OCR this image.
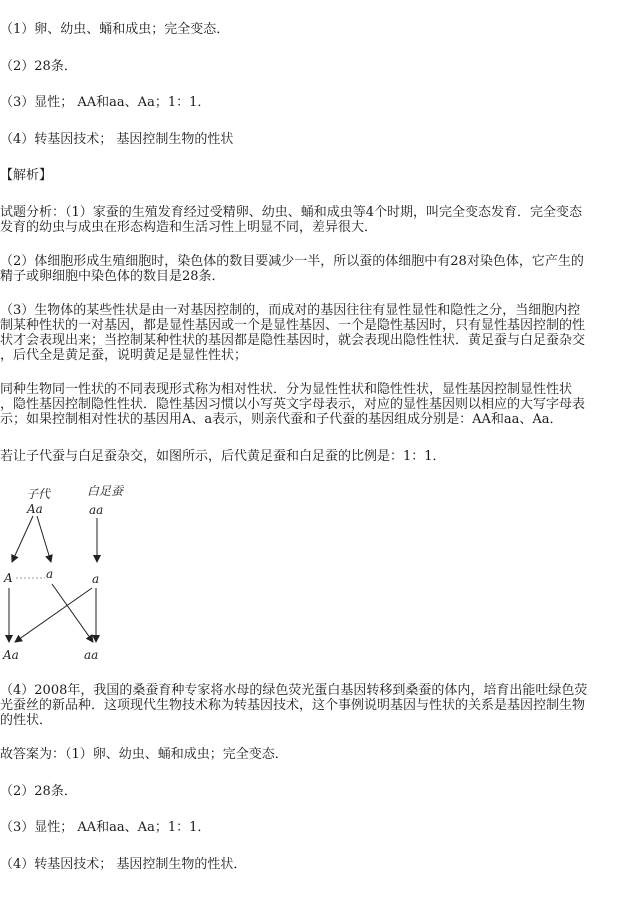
（1）卵、幼虫、蛹和成虫；完全变态．
（2）28条．
（3）显性； AA和aa、Aa；1：1．
（4）转基因技术； 基因控制生物的性状
【解析】
试题分析：（1）家蚕的生殖发育经过受精卵、幼虫、蛹和成虫等4个时期，叫完全变态发育．完全变态
发育的幼虫与成虫在形态构造和生活习性上明显不同，差异很大．
（2）体细胞形成生殖细胞时，染色体的数目要减少一半，所以蚕的体细胞中有28对染色体，它产生的
精子或卵细胞中染色体的数目是28条．
（3）生物体的某些性状是由一对基因控制的，而成对的基因往往有显性显性和隐性之分，当细胞内控
制某种性状的一对基因，都是显性基因或一个是显性基因、一个是隐性基因时，只有显性基因控制的性
状才会表现出来；当控制某种性状的基因都是隐性基因时，就会表现出隐性性状．黄足蚕与白足蚕杂交
，后代全是黄足蚕，说明黄足是显性性状；
同种生物同一性状的不同表现形式称为相对性状．分为显性性状和隐性性状，显性基因控制显性性状
，隐性基因控制隐性性状．隐性基因习惯以小写英文字母表示，对应的显性基因则以相应的大写字母表
示；如果控制相对性状的基因用A、a表示，则亲代蚕和子代蚕的基因组成分别是：AA和aa、Aa．
若让子代蚕与白足蚕杂交，如图所示，后代黄足蚕和白足蚕的比例是：1：1．
子代
Aa
白足蚕
aa
A	a	a
Aa	aa
（4）2008年，我国的桑蚕育种专家将水母的绿色荧光蛋白基因转移到桑蚕的体内，培育出能吐绿色荧
光蚕丝的新品种．这项现代生物技术称为转基因技术，这个事例说明基因与性状的关系是基因控制生物
的性状．
故答案为：（1）卵、幼虫、蛹和成虫；完全变态．
（2）28条．
（3）显性； AA和aa、Aa；1：1．
（4）转基因技术； 基因控制生物的性状．
